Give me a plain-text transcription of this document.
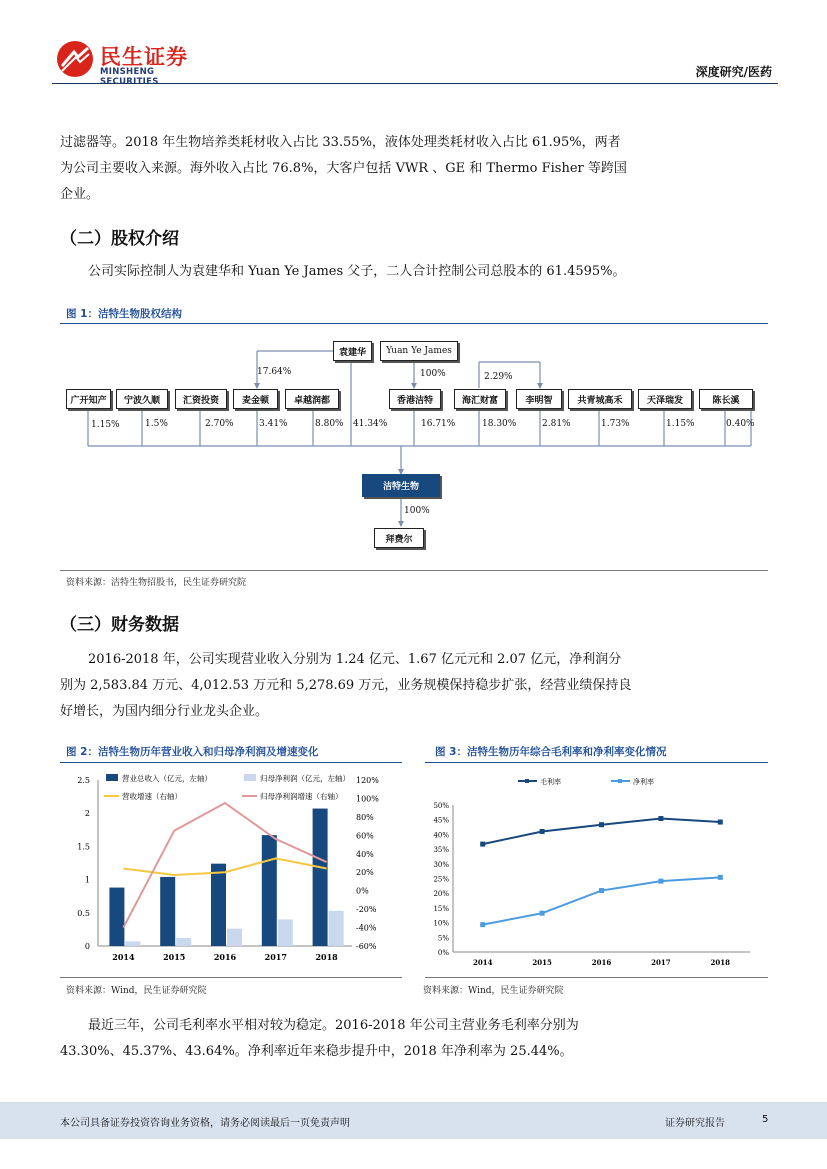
民生证券
MINSHENG SECURITIES
深度研究/医药

过滤器等。2018 年生物培养类耗材收入占比 33.55%，液体处理类耗材收入占比 61.95%，两者
为公司主要收入来源。海外收入占比 76.8%，大客户包括 VWR 、GE 和 Thermo Fisher 等跨国
企业。

（二）股权介绍

公司实际控制人为袁建华和 Yuan Ye James 父子，二人合计控制公司总股本的 61.4595%。

图 1：洁特生物股权结构
袁建华	Yuan Ye James
17.64%	100%	2.29%
广开知产	宁波久顺	汇资投资	麦金顿	卓越润都	香港洁特	海汇财富	李明智	共青城高禾	天泽瑞发	陈长溪
1.15%	1.5%	2.70%	3.41%	8.80% 41.34%	16.71%	18.30%	2.81%	1.73%	1.15%	0.40%
洁特生物
100%
拜费尔
资料来源：洁特生物招股书，民生证券研究院
（三）财务数据

2016-2018 年，公司实现营业收入分别为 1.24 亿元、1.67 亿元元和 2.07 亿元，净利润分
别为 2,583.84 万元、4,012.53 万元和 5,278.69 万元，业务规模保持稳步扩张，经营业绩保持良
好增长，为国内细分行业龙头企业。

图 2：洁特生物历年营业收入和归母净利润及增速变化	图 3：洁特生物历年综合毛利率和净利率变化情况
0
0.5
1
1.5
2
2.5
-60%
-40%
-20%
0%
20%
40%
60%
80%
100%
120%
2014	2015	2016	2017	2018
营业总收入（亿元，左轴）	归母净利润（亿元，左轴）
营收增速（右轴）	归母净利润增速（右轴）
0%
5%
10%
15%
20%
25%
30%
35%
40%
45%
50%
2014	2015	2016	2017	2018
毛利率	净利率
资料来源：Wind，民生证券研究院	资料来源：Wind，民生证券研究院

最近三年，公司毛利率水平相对较为稳定。2016-2018 年公司主营业务毛利率分别为
43.30%、45.37%、43.64%。净利率近年来稳步提升中，2018 年净利率为 25.44%。

本公司具备证券投资咨询业务资格，请务必阅读最后一页免责声明	证券研究报告	5
